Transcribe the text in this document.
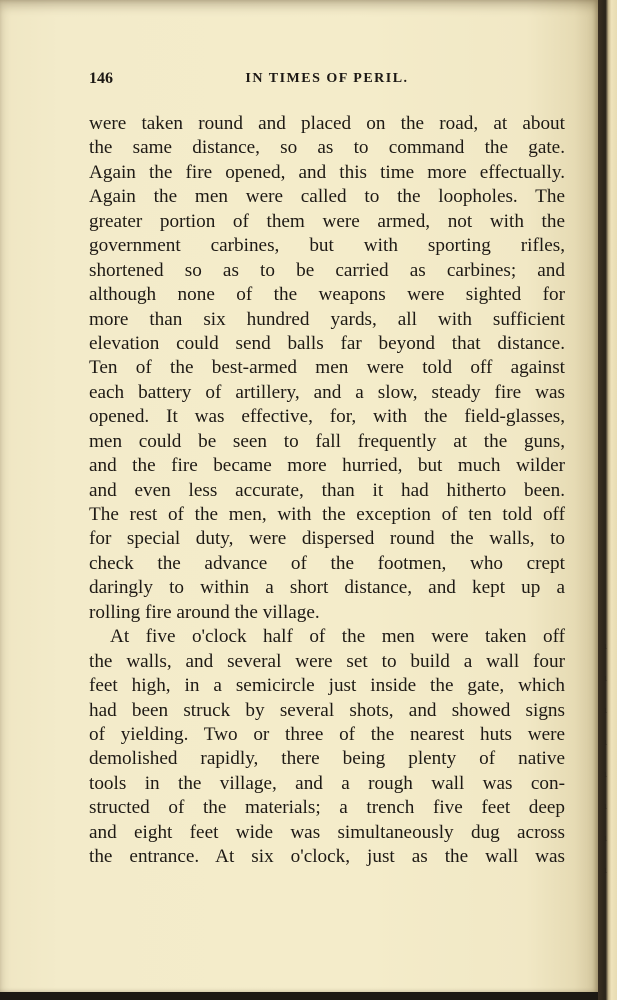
146	IN TIMES OF PERIL.
were taken round and placed on the road, at about
the same distance, so as to command the gate.
Again the fire opened, and this time more effectually.
Again the men were called to the loopholes. The
greater portion of them were armed, not with the
government carbines, but with sporting rifles,
shortened so as to be carried as carbines; and
although none of the weapons were sighted for
more than six hundred yards, all with sufficient
elevation could send balls far beyond that distance.
Ten of the best-armed men were told off against
each battery of artillery, and a slow, steady fire was
opened. It was effective, for, with the field-glasses,
men could be seen to fall frequently at the guns,
and the fire became more hurried, but much wilder
and even less accurate, than it had hitherto been.
The rest of the men, with the exception of ten told off
for special duty, were dispersed round the walls, to
check the advance of the footmen, who crept
daringly to within a short distance, and kept up a
rolling fire around the village.
At five o'clock half of the men were taken off
the walls, and several were set to build a wall four
feet high, in a semicircle just inside the gate, which
had been struck by several shots, and showed signs
of yielding. Two or three of the nearest huts were
demolished rapidly, there being plenty of native
tools in the village, and a rough wall was con-
structed of the materials; a trench five feet deep
and eight feet wide was simultaneously dug across
the entrance. At six o'clock, just as the wall was
ı
ı
ı
ı
ı
ı
ı
ı
